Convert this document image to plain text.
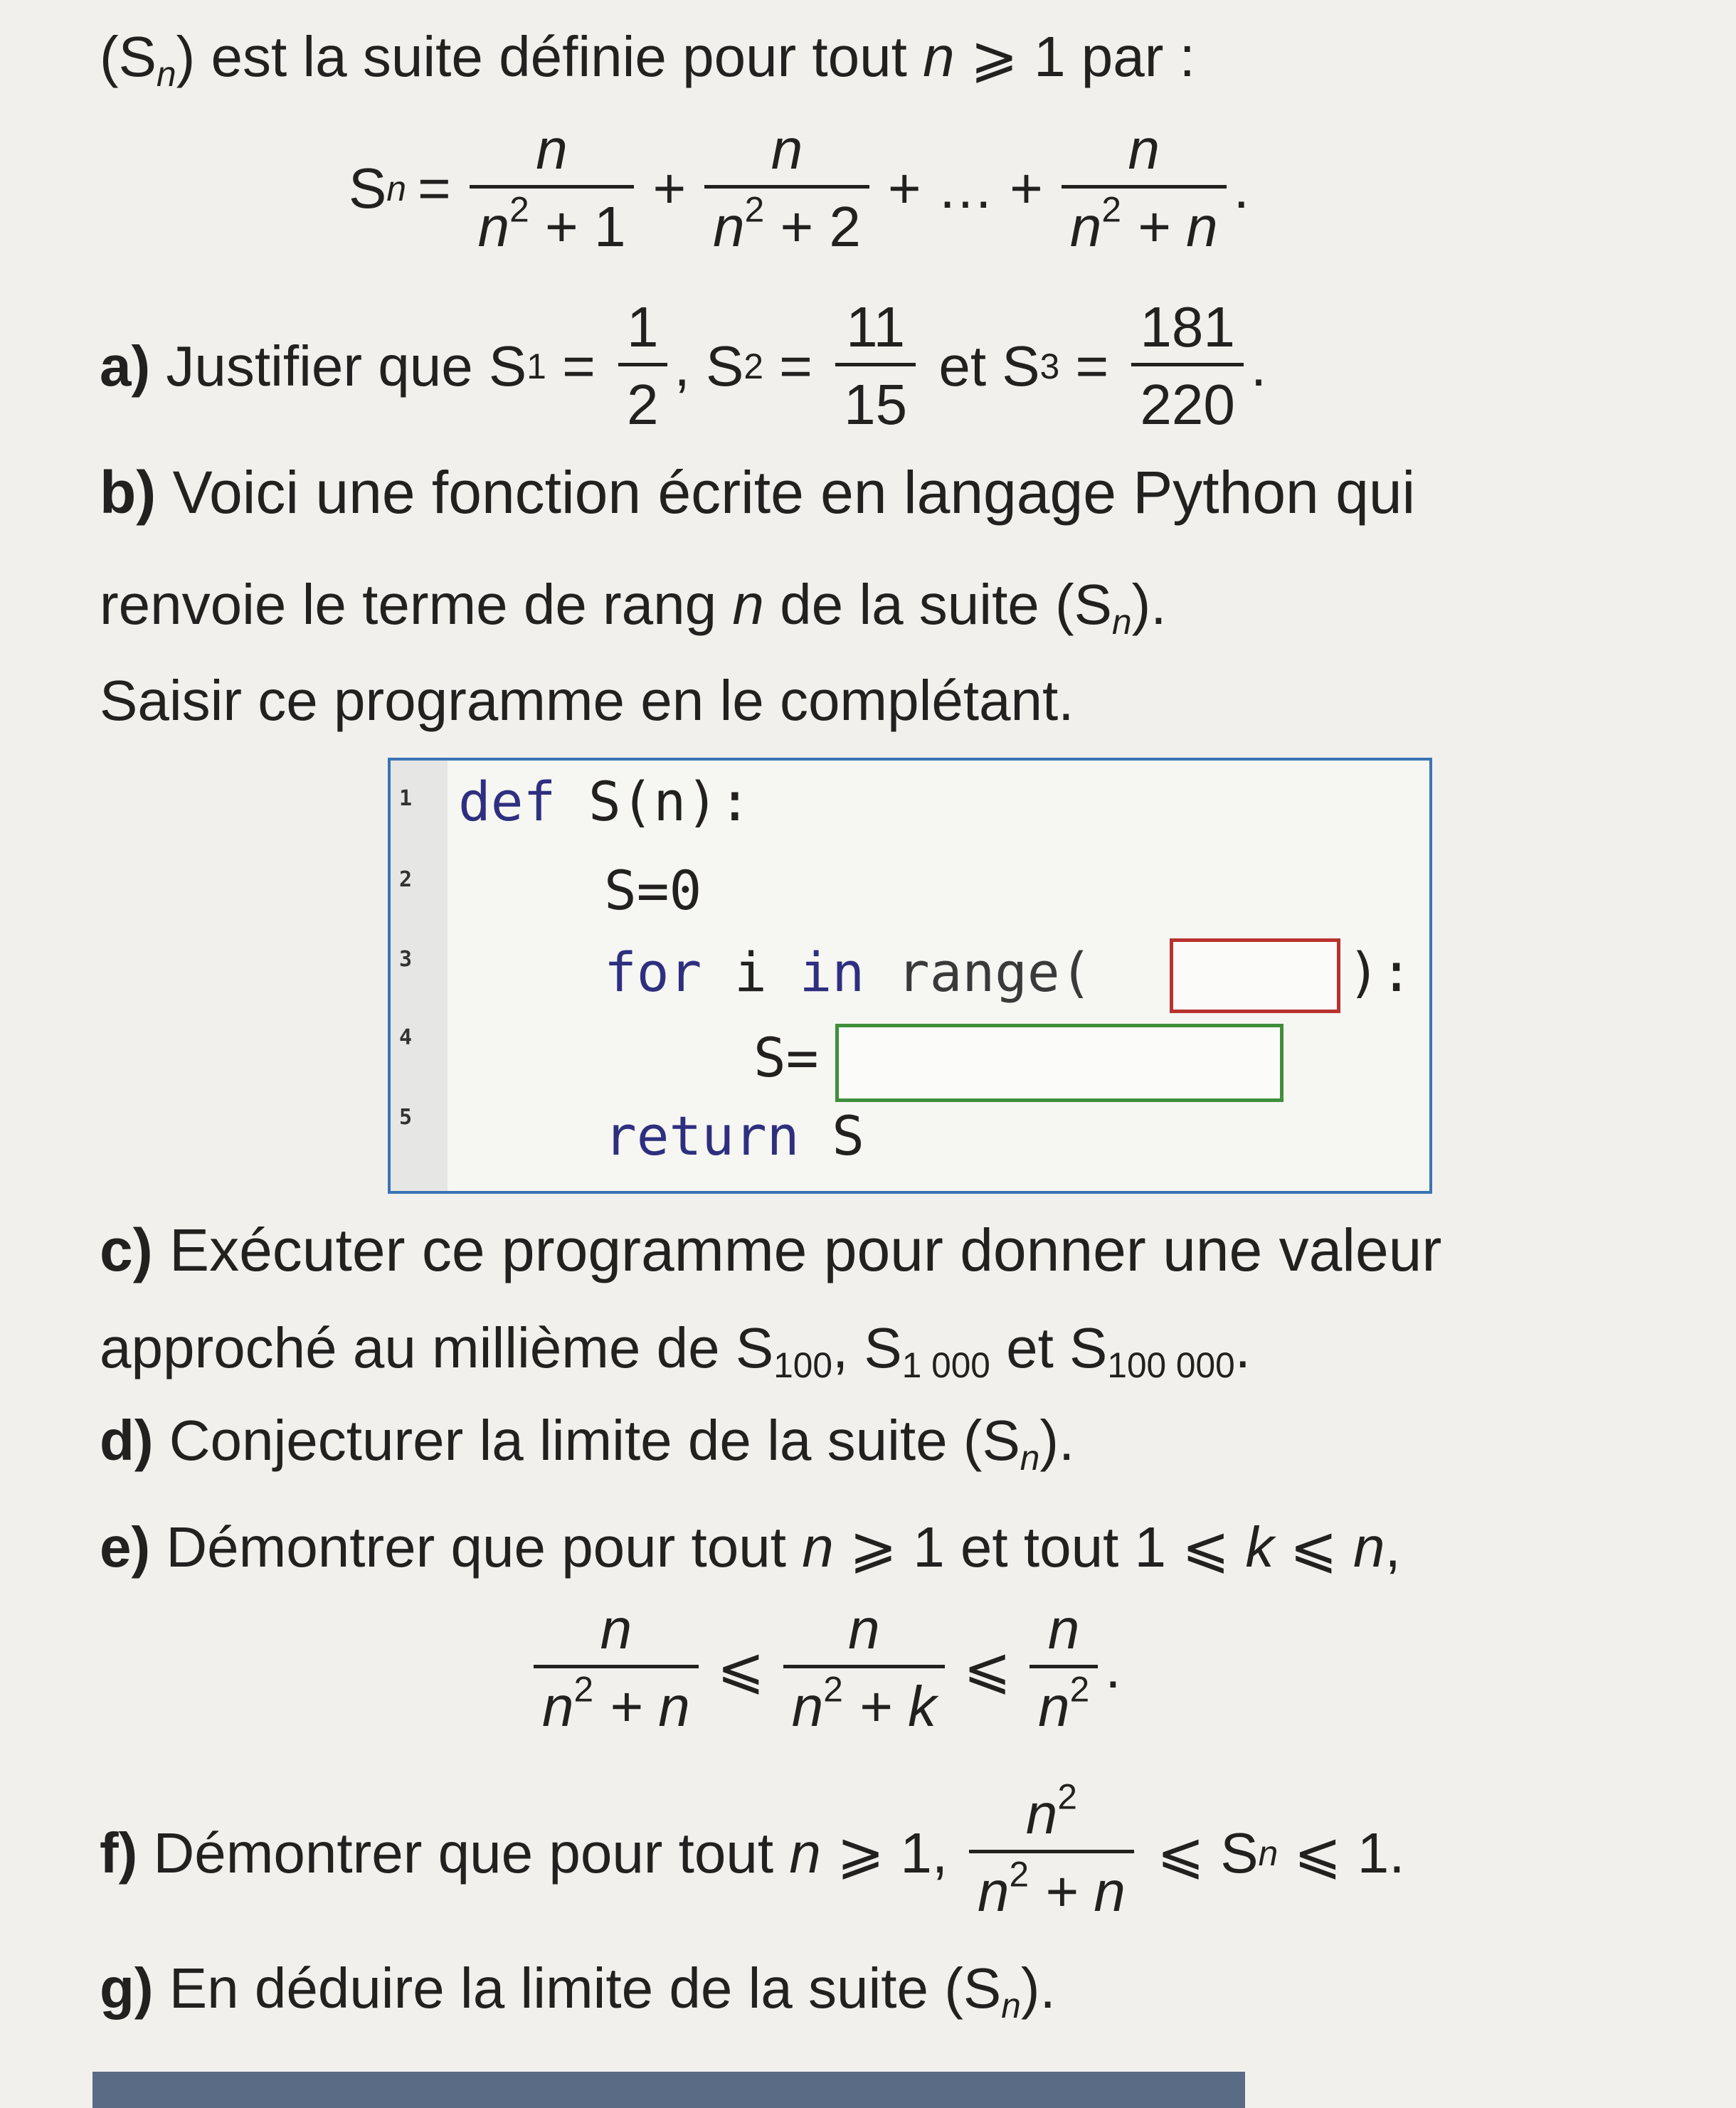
$(S_n)$ est la suite définie pour tout n ⩾ 1 par :
S $n = \frac{n}{n^2 + 1} + \frac{n}{n^2 + 2}$ + … + $\frac{n}{n^2 + n}$ .
a) Justifier que S $1 = \frac{1}{2}$ , S $2 = \frac{11}{15}$ et S $3 = \frac{181}{220}$ .
b) Voici une fonction écrite en langage Python qui
renvoie le terme de rang n de la suite $(S_n)$.
Saisir ce programme en le complétant.
1
2
3
4
5
def S(n):
S=0
for i in range(	):
S=
return S
c) Exécuter ce programme pour donner une valeur
approché au millième de $S_{100}$, $S_{1 000}$ et $S_{100 000}$.
d) Conjecturer la limite de la suite $(S_n)$.
e) Démontrer que pour tout n ⩾ 1 et tout 1 ⩽ k ⩽ n,
$\frac{n}{n^2 + n}$ ⩽ $\frac{n}{n^2 + k}$ ⩽ $\frac{n}{n^2}$ .
f) Démontrer que pour tout n ⩾ 1, $\frac{n^2}{n^2 + n}$ ⩽ S n ⩽ 1.
g) En déduire la limite de la suite $(S_n)$.
